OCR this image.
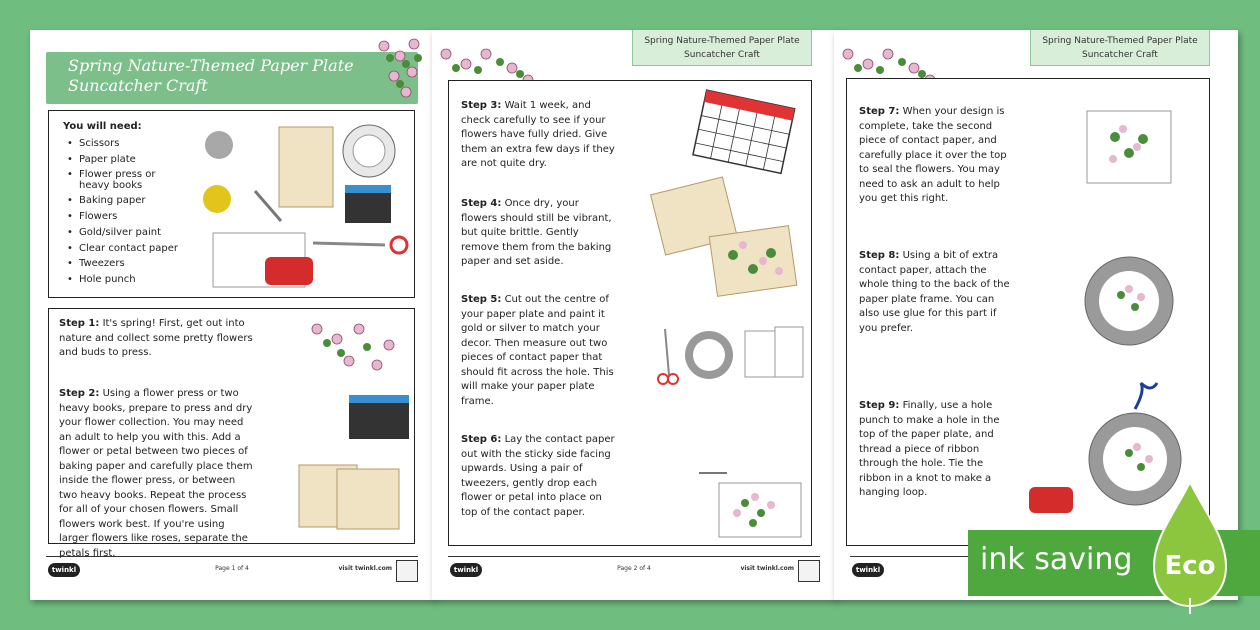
Spring Nature-Themed Paper Plate
Suncatcher Craft
You will need:
• Scissors
• Paper plate
• Flower press or heavy books
• Baking paper
• Flowers
• Gold/silver paint
• Clear contact paper
• Tweezers
• Hole punch
Step 1: It's spring! First, get out into nature and collect some pretty flowers and buds to press.
Step 2: Using a flower press or two heavy books, prepare to press and dry your flower collection. You may need an adult to help you with this. Add a flower or petal between two pieces of baking paper and carefully place them inside the flower press, or between two heavy books. Repeat the process for all of your chosen flowers. Small flowers work best. If you're using larger flowers like roses, separate the petals first.
twinkl	Page 1 of 4	visit twinkl.com
Spring Nature-Themed Paper Plate
Suncatcher Craft
Step 3: Wait 1 week, and check carefully to see if your flowers have fully dried. Give them an extra few days if they are not quite dry.
Step 4: Once dry, your flowers should still be vibrant, but quite brittle. Gently remove them from the baking paper and set aside.
Step 5: Cut out the centre of your paper plate and paint it gold or silver to match your decor. Then measure out two pieces of contact paper that should fit across the hole. This will make your paper plate frame.
Step 6: Lay the contact paper out with the sticky side facing upwards. Using a pair of tweezers, gently drop each flower or petal into place on top of the contact paper.
twinkl	Page 2 of 4	visit twinkl.com
Spring Nature-Themed Paper Plate
Suncatcher Craft
Step 7: When your design is complete, take the second piece of contact paper, and carefully place it over the top to seal the flowers. You may need to ask an adult to help you get this right.
Step 8: Using a bit of extra contact paper, attach the whole thing to the back of the paper plate frame. You can also use glue for this part if you prefer.
Step 9: Finally, use a hole punch to make a hole in the top of the paper plate, and thread a piece of ribbon through the hole. Tie the ribbon in a knot to make a hanging loop.
twinkl	ink saving Eco
